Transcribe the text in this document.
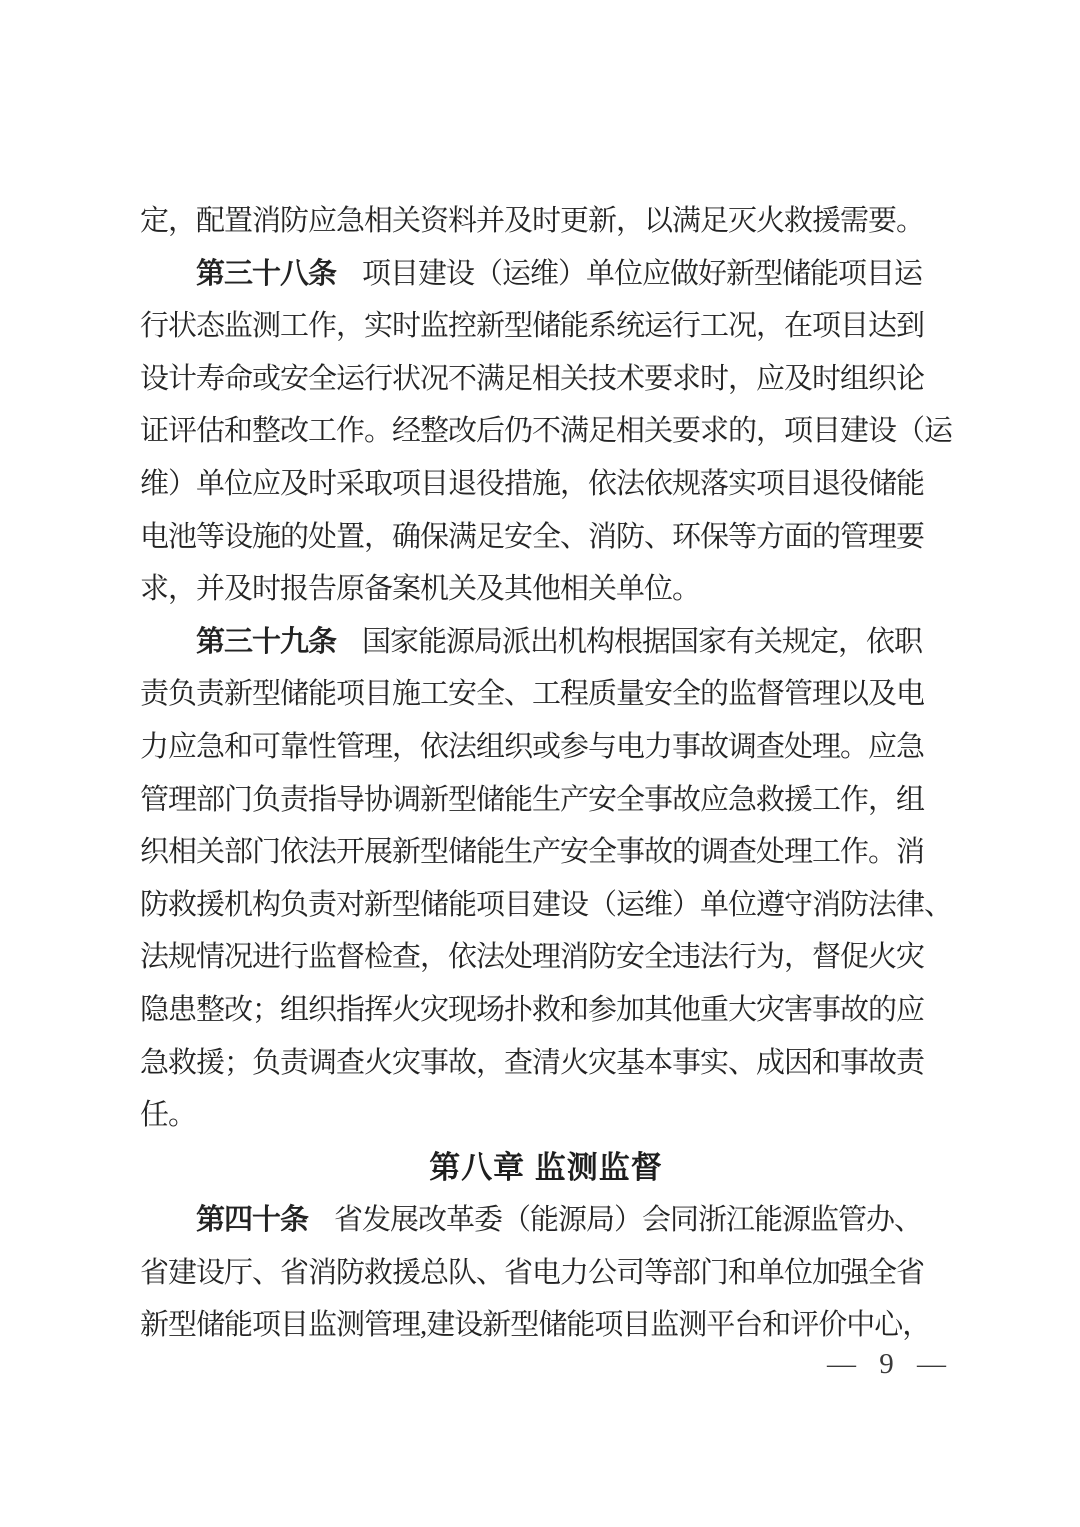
定，配置消防应急相关资料并及时更新，以满足灭火救援需要。

第三十八条 项目建设（运维）单位应做好新型储能项目运

行状态监测工作，实时监控新型储能系统运行工况，在项目达到

设计寿命或安全运行状况不满足相关技术要求时，应及时组织论

证评估和整改工作。经整改后仍不满足相关要求的，项目建设（运

维）单位应及时采取项目退役措施，依法依规落实项目退役储能

电池等设施的处置，确保满足安全、消防、环保等方面的管理要

求，并及时报告原备案机关及其他相关单位。

第三十九条 国家能源局派出机构根据国家有关规定，依职

责负责新型储能项目施工安全、工程质量安全的监督管理以及电

力应急和可靠性管理，依法组织或参与电力事故调查处理。应急

管理部门负责指导协调新型储能生产安全事故应急救援工作，组

织相关部门依法开展新型储能生产安全事故的调查处理工作。消

防救援机构负责对新型储能项目建设（运维）单位遵守消防法律、

法规情况进行监督检查，依法处理消防安全违法行为，督促火灾

隐患整改；组织指挥火灾现场扑救和参加其他重大灾害事故的应

急救援；负责调查火灾事故，查清火灾基本事实、成因和事故责

任。

第八章 监测监督

第四十条 省发展改革委（能源局）会同浙江能源监管办、

省建设厅、省消防救援总队、省电力公司等部门和单位加强全省

新型储能项目监测管理,建设新型储能项目监测平台和评价中心，

— 9 —
